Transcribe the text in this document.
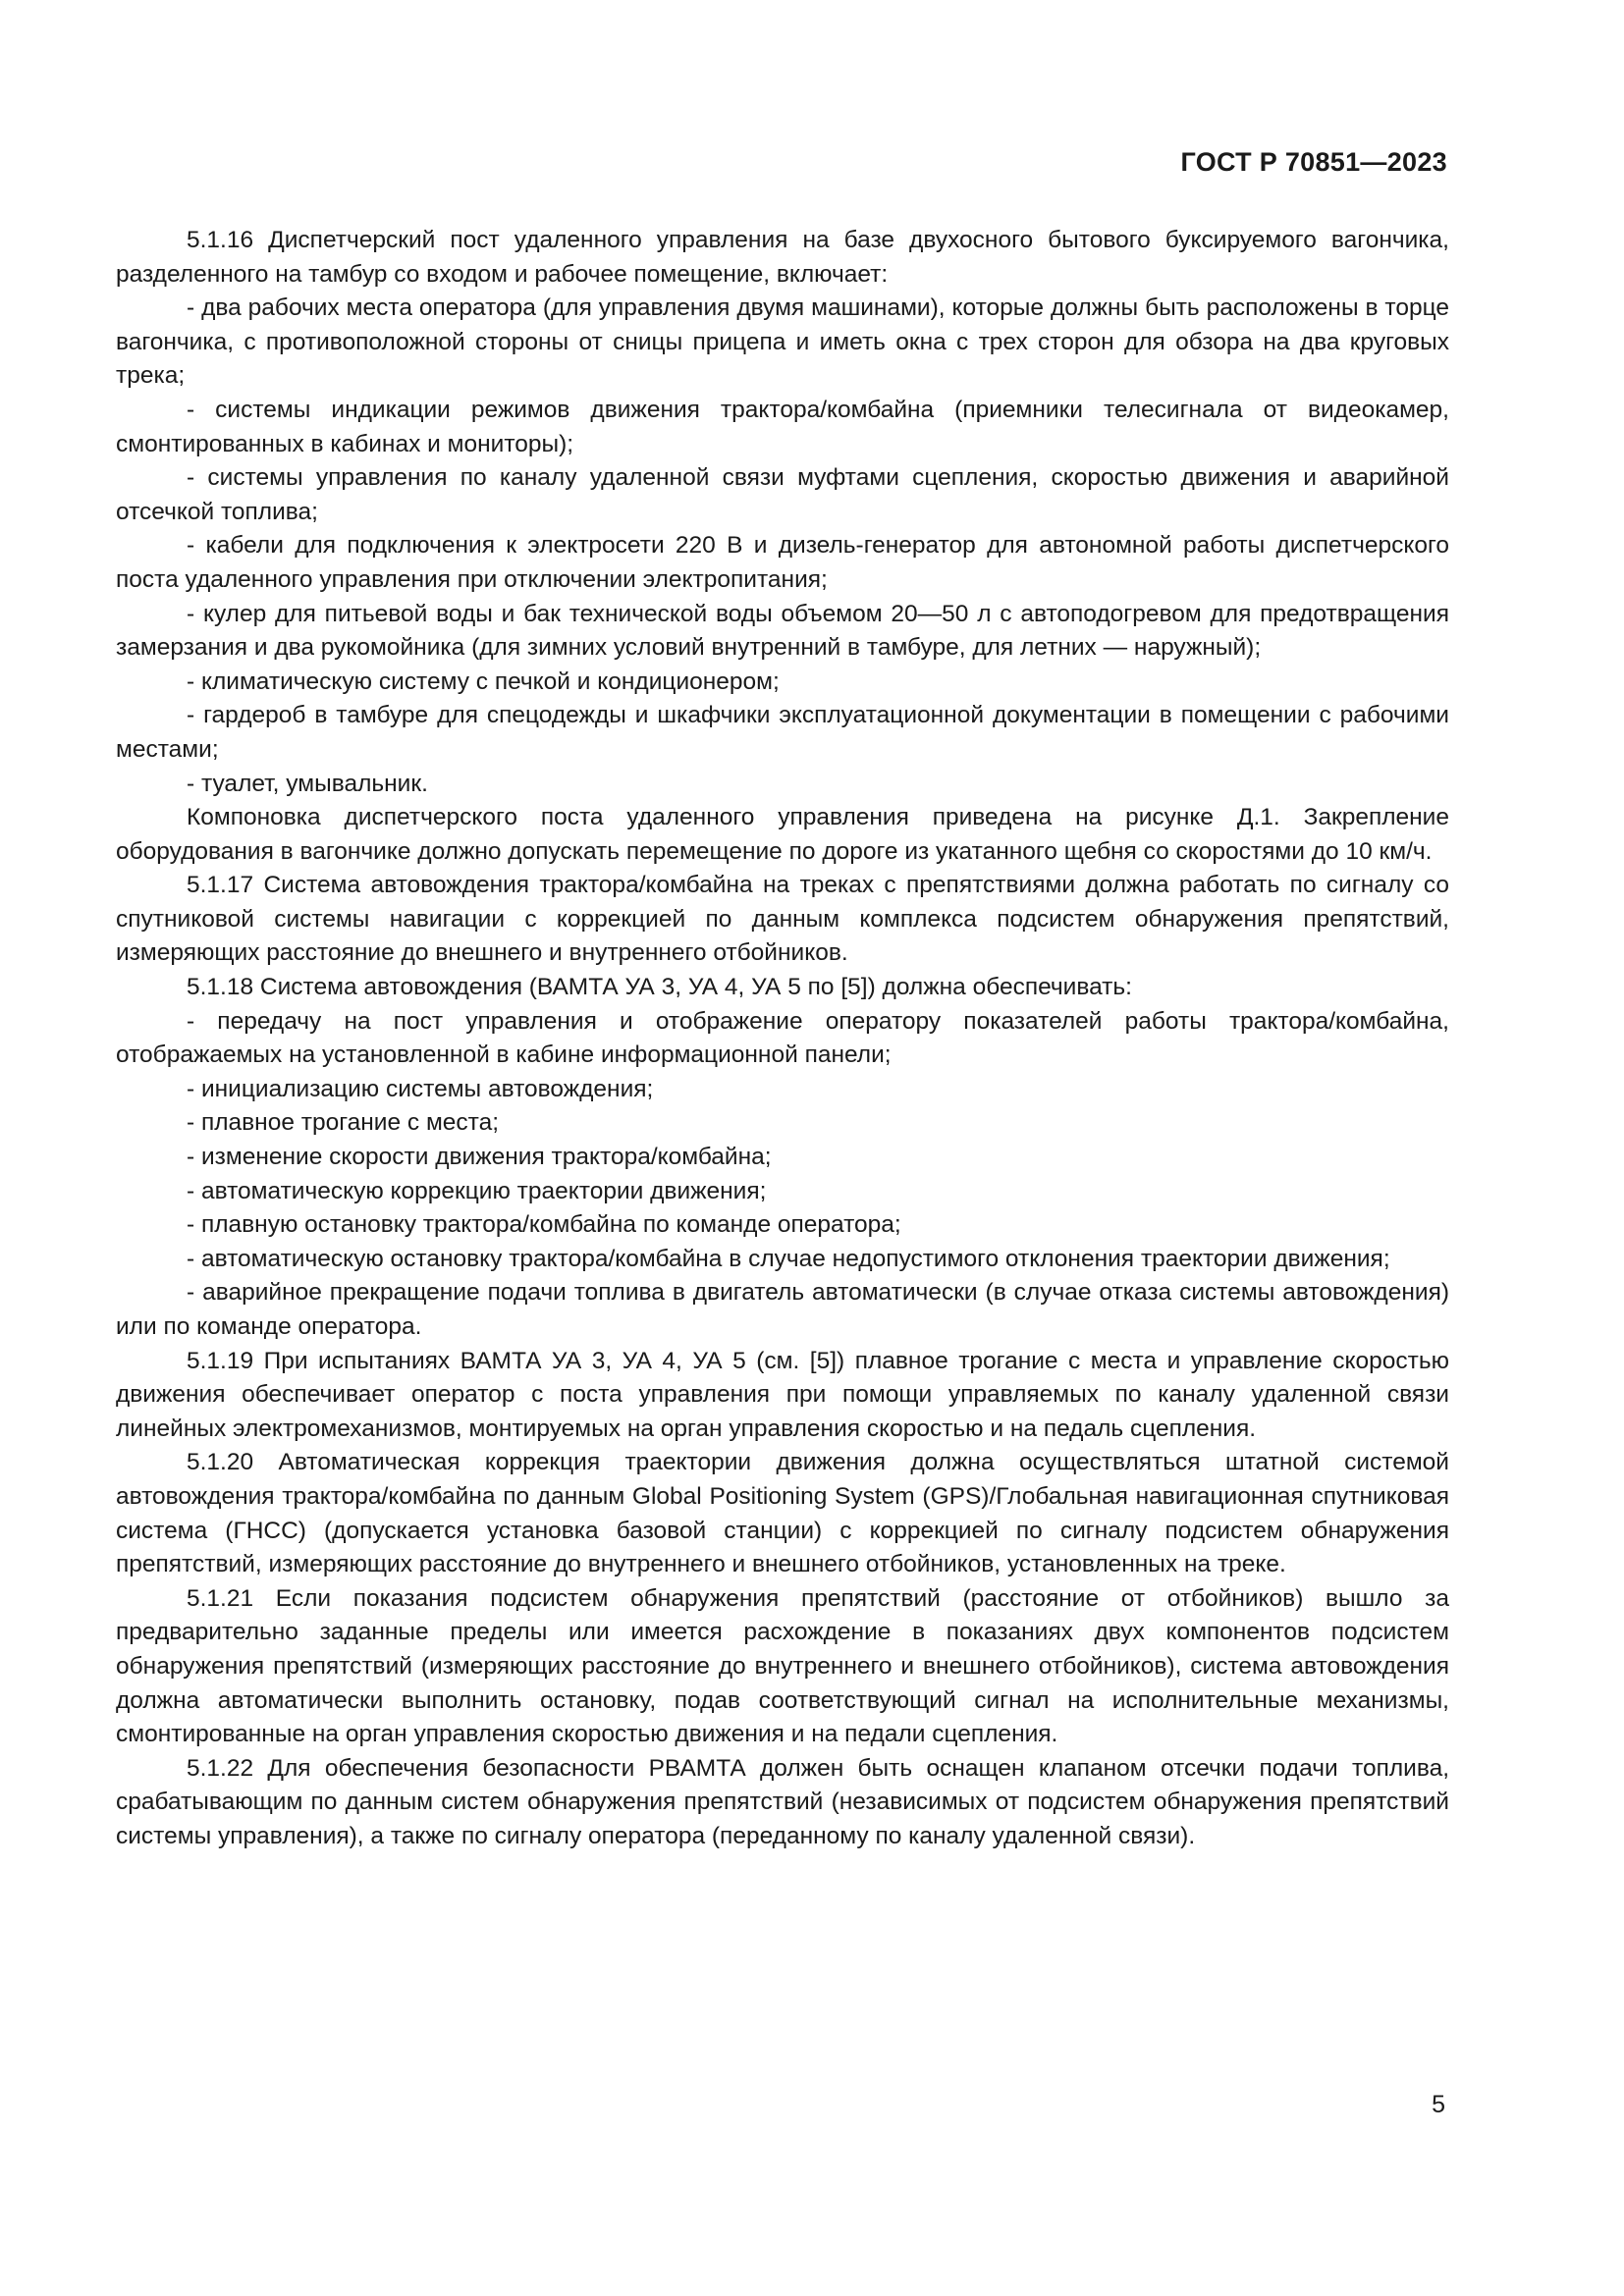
ГОСТ Р 70851—2023

5.1.16 Диспетчерский пост удаленного управления на базе двухосного бытового буксируемого вагончика, разделенного на тамбур со входом и рабочее помещение, включает:

- два рабочих места оператора (для управления двумя машинами), которые должны быть расположены в торце вагончика, с противоположной стороны от сницы прицепа и иметь окна с трех сторон для обзора на два круговых трека;

- системы индикации режимов движения трактора/комбайна (приемники телесигнала от видеокамер, смонтированных в кабинах и мониторы);

- системы управления по каналу удаленной связи муфтами сцепления, скоростью движения и аварийной отсечкой топлива;

- кабели для подключения к электросети 220 В и дизель-генератор для автономной работы диспетчерского поста удаленного управления при отключении электропитания;

- кулер для питьевой воды и бак технической воды объемом 20—50 л с автоподогревом для предотвращения замерзания и два рукомойника (для зимних условий внутренний в тамбуре, для летних — наружный);

- климатическую систему с печкой и кондиционером;

- гардероб в тамбуре для спецодежды и шкафчики эксплуатационной документации в помещении с рабочими местами;

- туалет, умывальник.

Компоновка диспетчерского поста удаленного управления приведена на рисунке Д.1. Закрепление оборудования в вагончике должно допускать перемещение по дороге из укатанного щебня со скоростями до 10 км/ч.

5.1.17 Система автовождения трактора/комбайна на треках с препятствиями должна работать по сигналу со спутниковой системы навигации с коррекцией по данным комплекса подсистем обнаружения препятствий, измеряющих расстояние до внешнего и внутреннего отбойников.

5.1.18 Система автовождения (ВАМТА УА 3, УА 4, УА 5 по [5]) должна обеспечивать:

- передачу на пост управления и отображение оператору показателей работы трактора/комбайна, отображаемых на установленной в кабине информационной панели;

- инициализацию системы автовождения;

- плавное трогание с места;

- изменение скорости движения трактора/комбайна;

- автоматическую коррекцию траектории движения;

- плавную остановку трактора/комбайна по команде оператора;

- автоматическую остановку трактора/комбайна в случае недопустимого отклонения траектории движения;

- аварийное прекращение подачи топлива в двигатель автоматически (в случае отказа системы автовождения) или по команде оператора.

5.1.19 При испытаниях ВАМТА УА 3, УА 4, УА 5 (см. [5]) плавное трогание с места и управление скоростью движения обеспечивает оператор с поста управления при помощи управляемых по каналу удаленной связи линейных электромеханизмов, монтируемых на орган управления скоростью и на педаль сцепления.

5.1.20 Автоматическая коррекция траектории движения должна осуществляться штатной системой автовождения трактора/комбайна по данным Global Positioning System (GPS)/Глобальная навигационная спутниковая система (ГНСС) (допускается установка базовой станции) с коррекцией по сигналу подсистем обнаружения препятствий, измеряющих расстояние до внутреннего и внешнего отбойников, установленных на треке.

5.1.21 Если показания подсистем обнаружения препятствий (расстояние от отбойников) вышло за предварительно заданные пределы или имеется расхождение в показаниях двух компонентов подсистем обнаружения препятствий (измеряющих расстояние до внутреннего и внешнего отбойников), система автовождения должна автоматически выполнить остановку, подав соответствующий сигнал на исполнительные механизмы, смонтированные на орган управления скоростью движения и на педали сцепления.

5.1.22 Для обеспечения безопасности РВАМТА должен быть оснащен клапаном отсечки подачи топлива, срабатывающим по данным систем обнаружения препятствий (независимых от подсистем обнаружения препятствий системы управления), а также по сигналу оператора (переданному по каналу удаленной связи).

5
